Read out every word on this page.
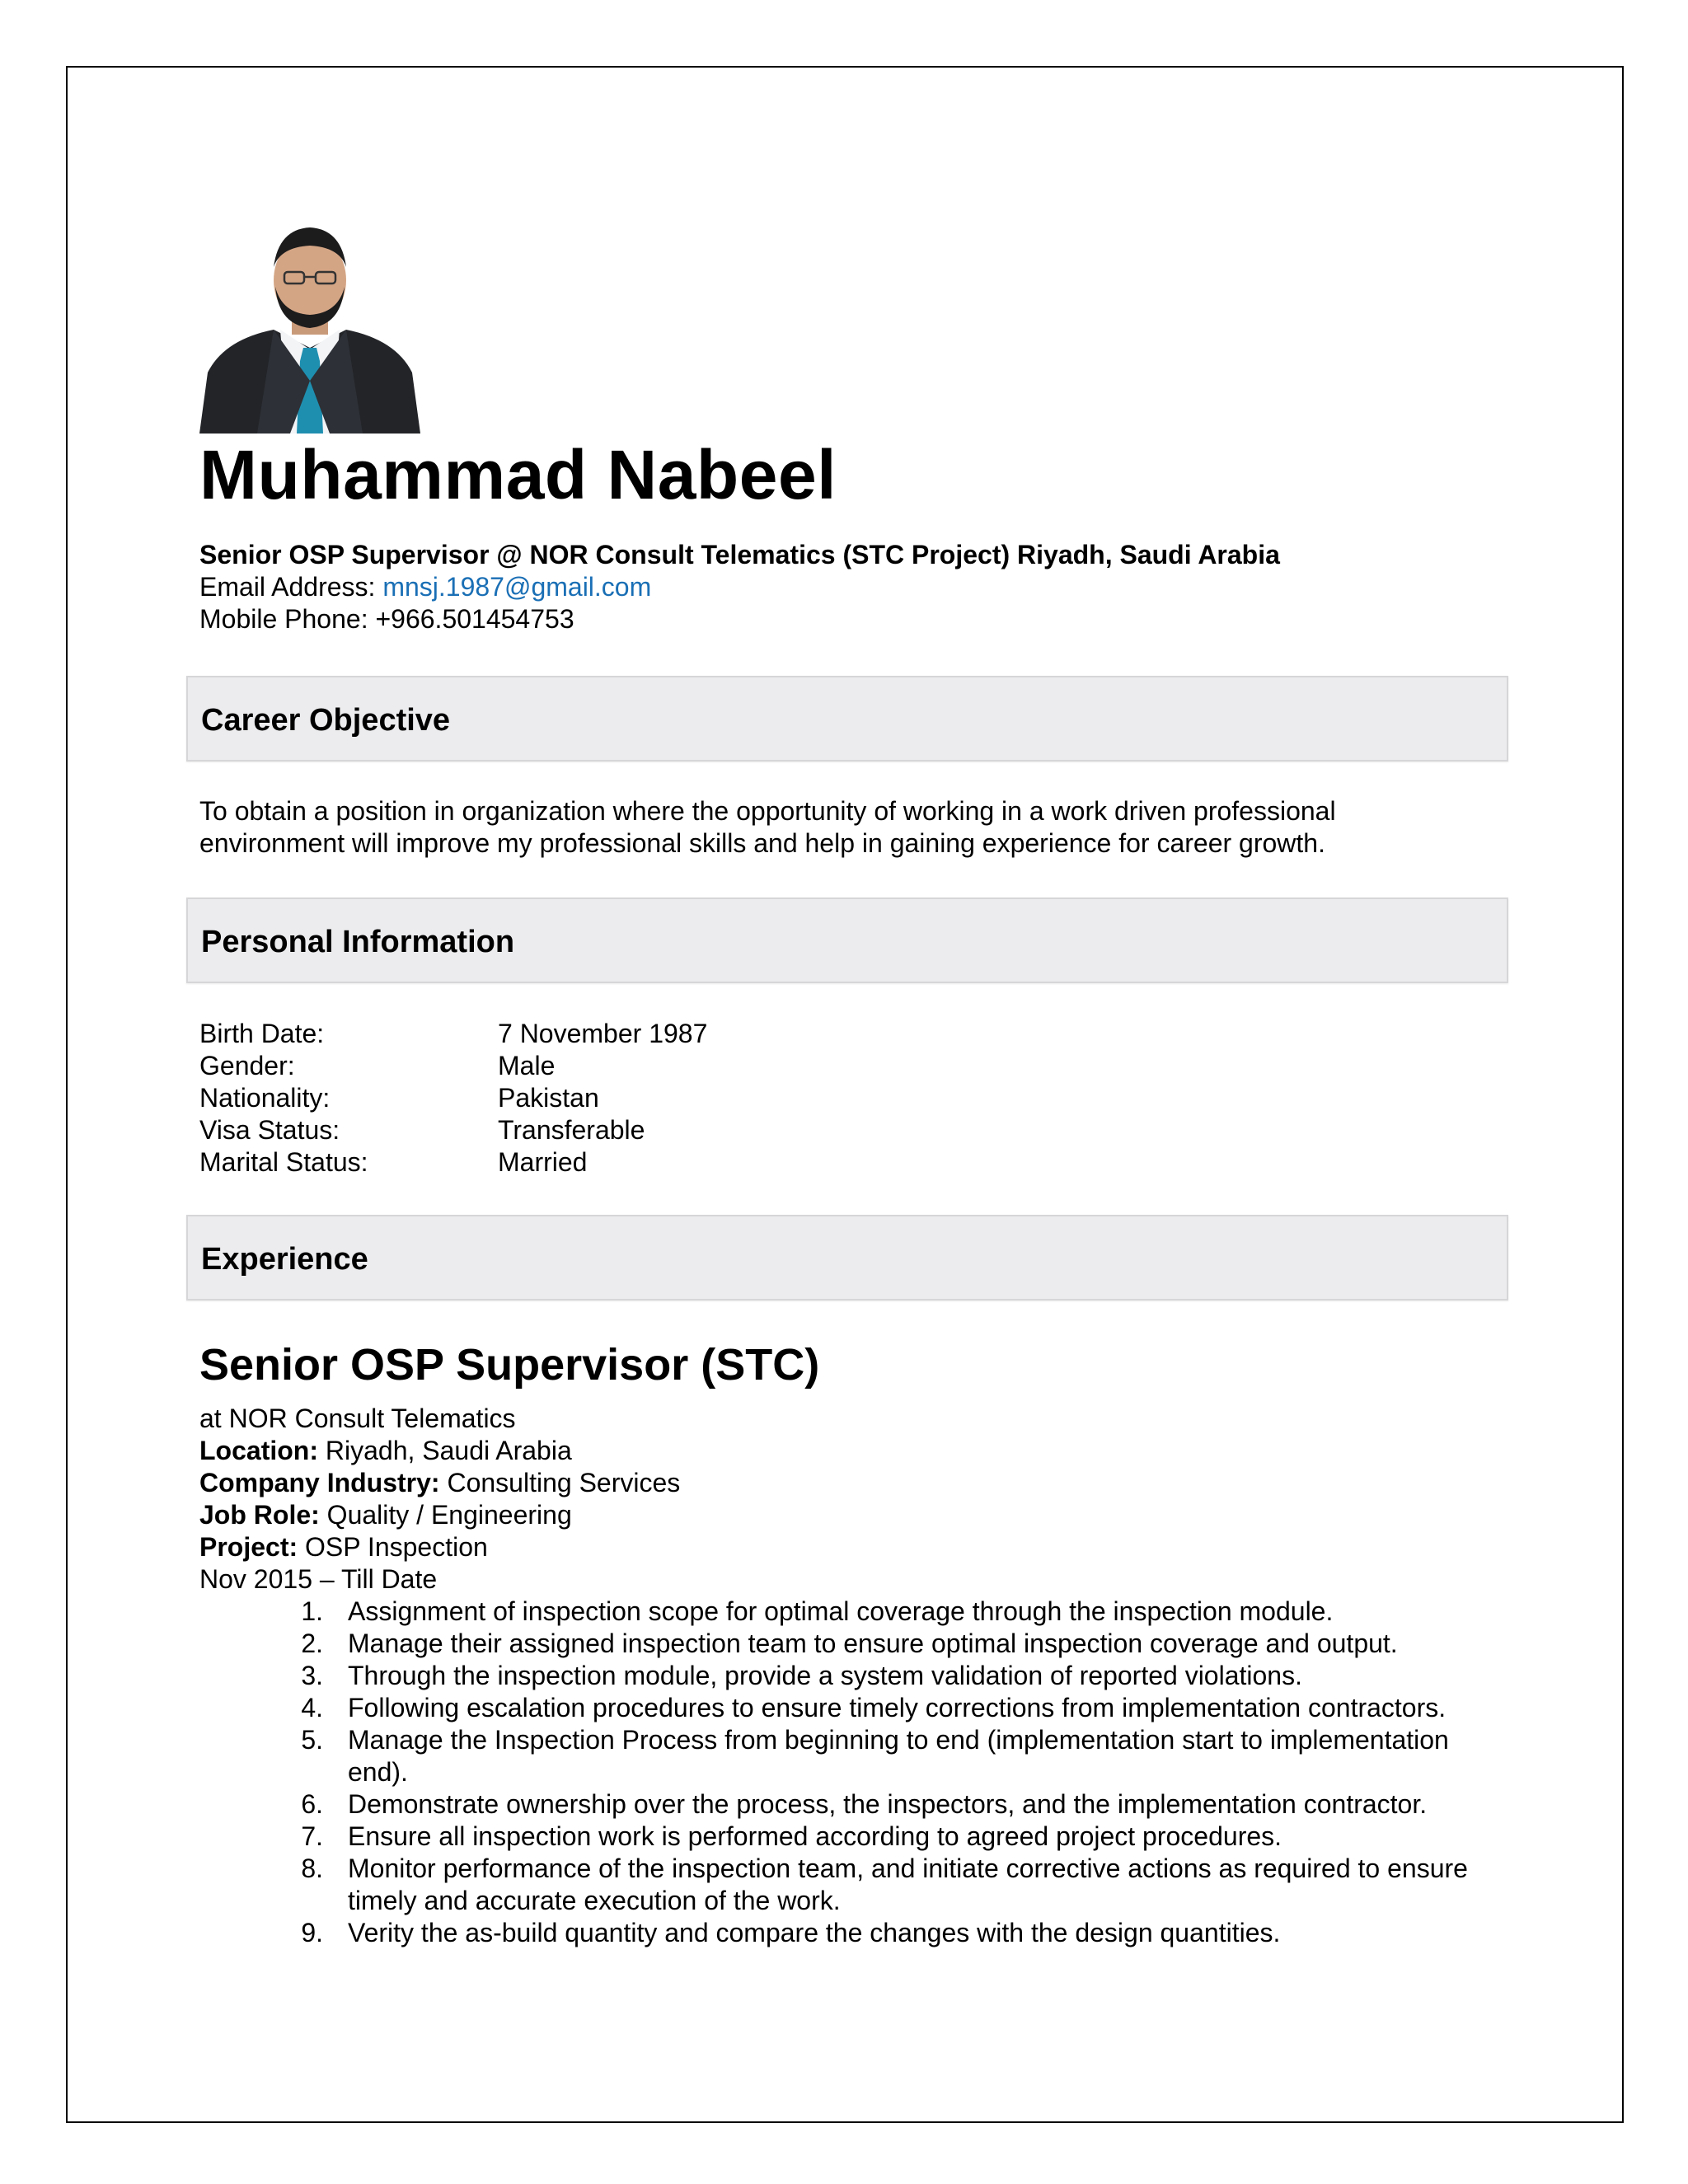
Muhammad Nabeel
Senior OSP Supervisor @ NOR Consult Telematics (STC Project) Riyadh, Saudi Arabia
Email Address: mnsj.1987@gmail.com
Mobile Phone: +966.501454753
Career Objective

To obtain a position in organization where the opportunity of working in a work driven professional environment will improve my professional skills and help in gaining experience for career growth.

Personal Information
Birth Date:	7 November 1987
Gender:	Male
Nationality:	Pakistan
Visa Status:	Transferable
Marital Status:	Married
Experience
Senior OSP Supervisor (STC)
at NOR Consult Telematics
Location: Riyadh, Saudi Arabia
Company Industry: Consulting Services
Job Role: Quality / Engineering
Project: OSP Inspection
Nov 2015 – Till Date
1. Assignment of inspection scope for optimal coverage through the inspection module.
2. Manage their assigned inspection team to ensure optimal inspection coverage and output.
3. Through the inspection module, provide a system validation of reported violations.
4. Following escalation procedures to ensure timely corrections from implementation contractors.
5. Manage the Inspection Process from beginning to end (implementation start to implementation end).
6. Demonstrate ownership over the process, the inspectors, and the implementation contractor.
7. Ensure all inspection work is performed according to agreed project procedures.
8. Monitor performance of the inspection team, and initiate corrective actions as required to ensure timely and accurate execution of the work.
9. Verity the as-build quantity and compare the changes with the design quantities.
